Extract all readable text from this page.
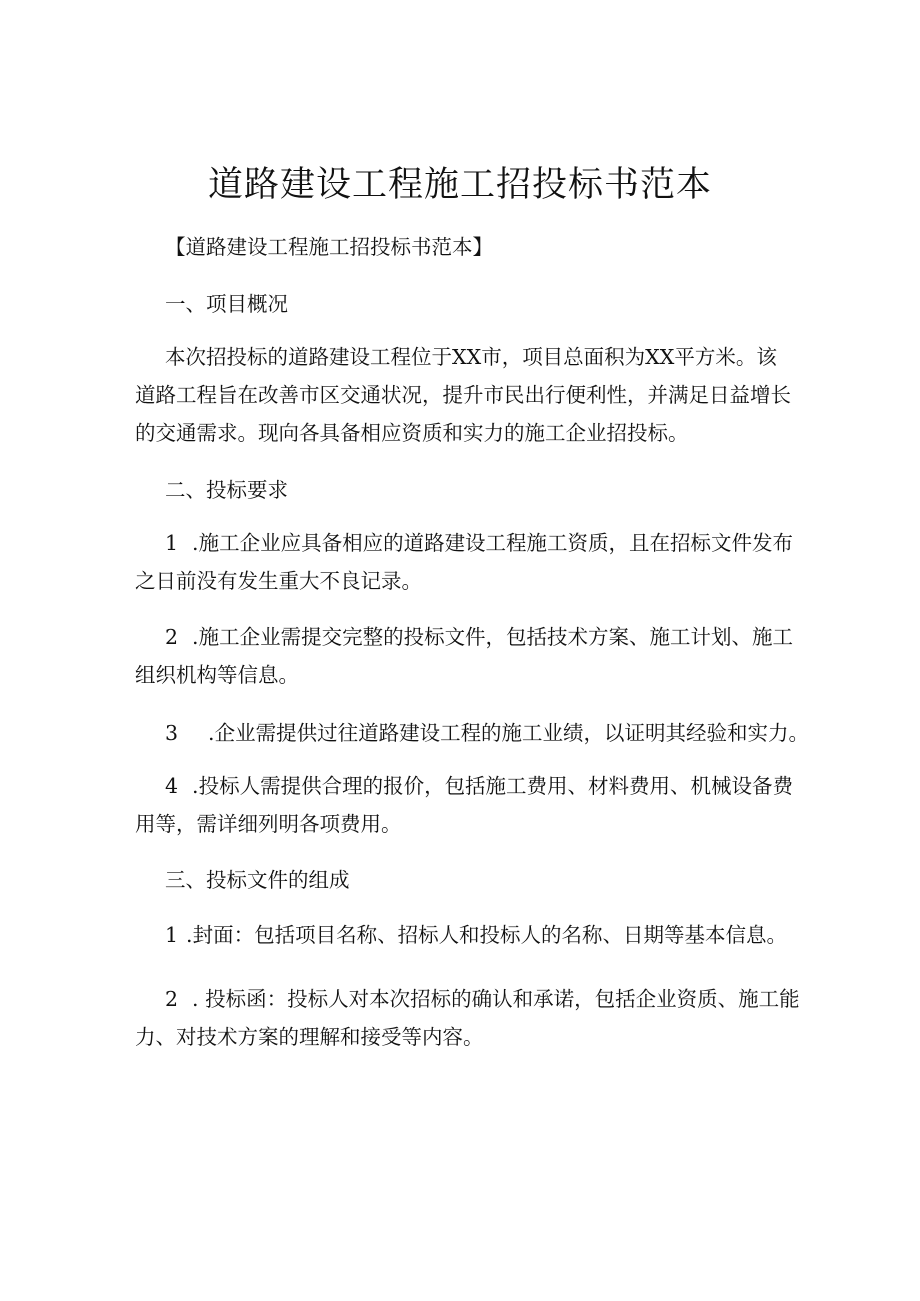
道路建设工程施工招投标书范本

【道路建设工程施工招投标书范本】

一、项目概况

本次招投标的道路建设工程位于XX市，项目总面积为XX平方米。该
道路工程旨在改善市区交通状况，提升市民出行便利性，并满足日益增长
的交通需求。现向各具备相应资质和实力的施工企业招投标。

二、投标要求

1 .施工企业应具备相应的道路建设工程施工资质，且在招标文件发布
之日前没有发生重大不良记录。

2 .施工企业需提交完整的投标文件，包括技术方案、施工计划、施工
组织机构等信息。

3 .企业需提供过往道路建设工程的施工业绩，以证明其经验和实力。

4 .投标人需提供合理的报价，包括施工费用、材料费用、机械设备费
用等，需详细列明各项费用。

三、投标文件的组成

1 .封面：包括项目名称、招标人和投标人的名称、日期等基本信息。

2 . 投标函：投标人对本次招标的确认和承诺，包括企业资质、施工能
力、对技术方案的理解和接受等内容。
